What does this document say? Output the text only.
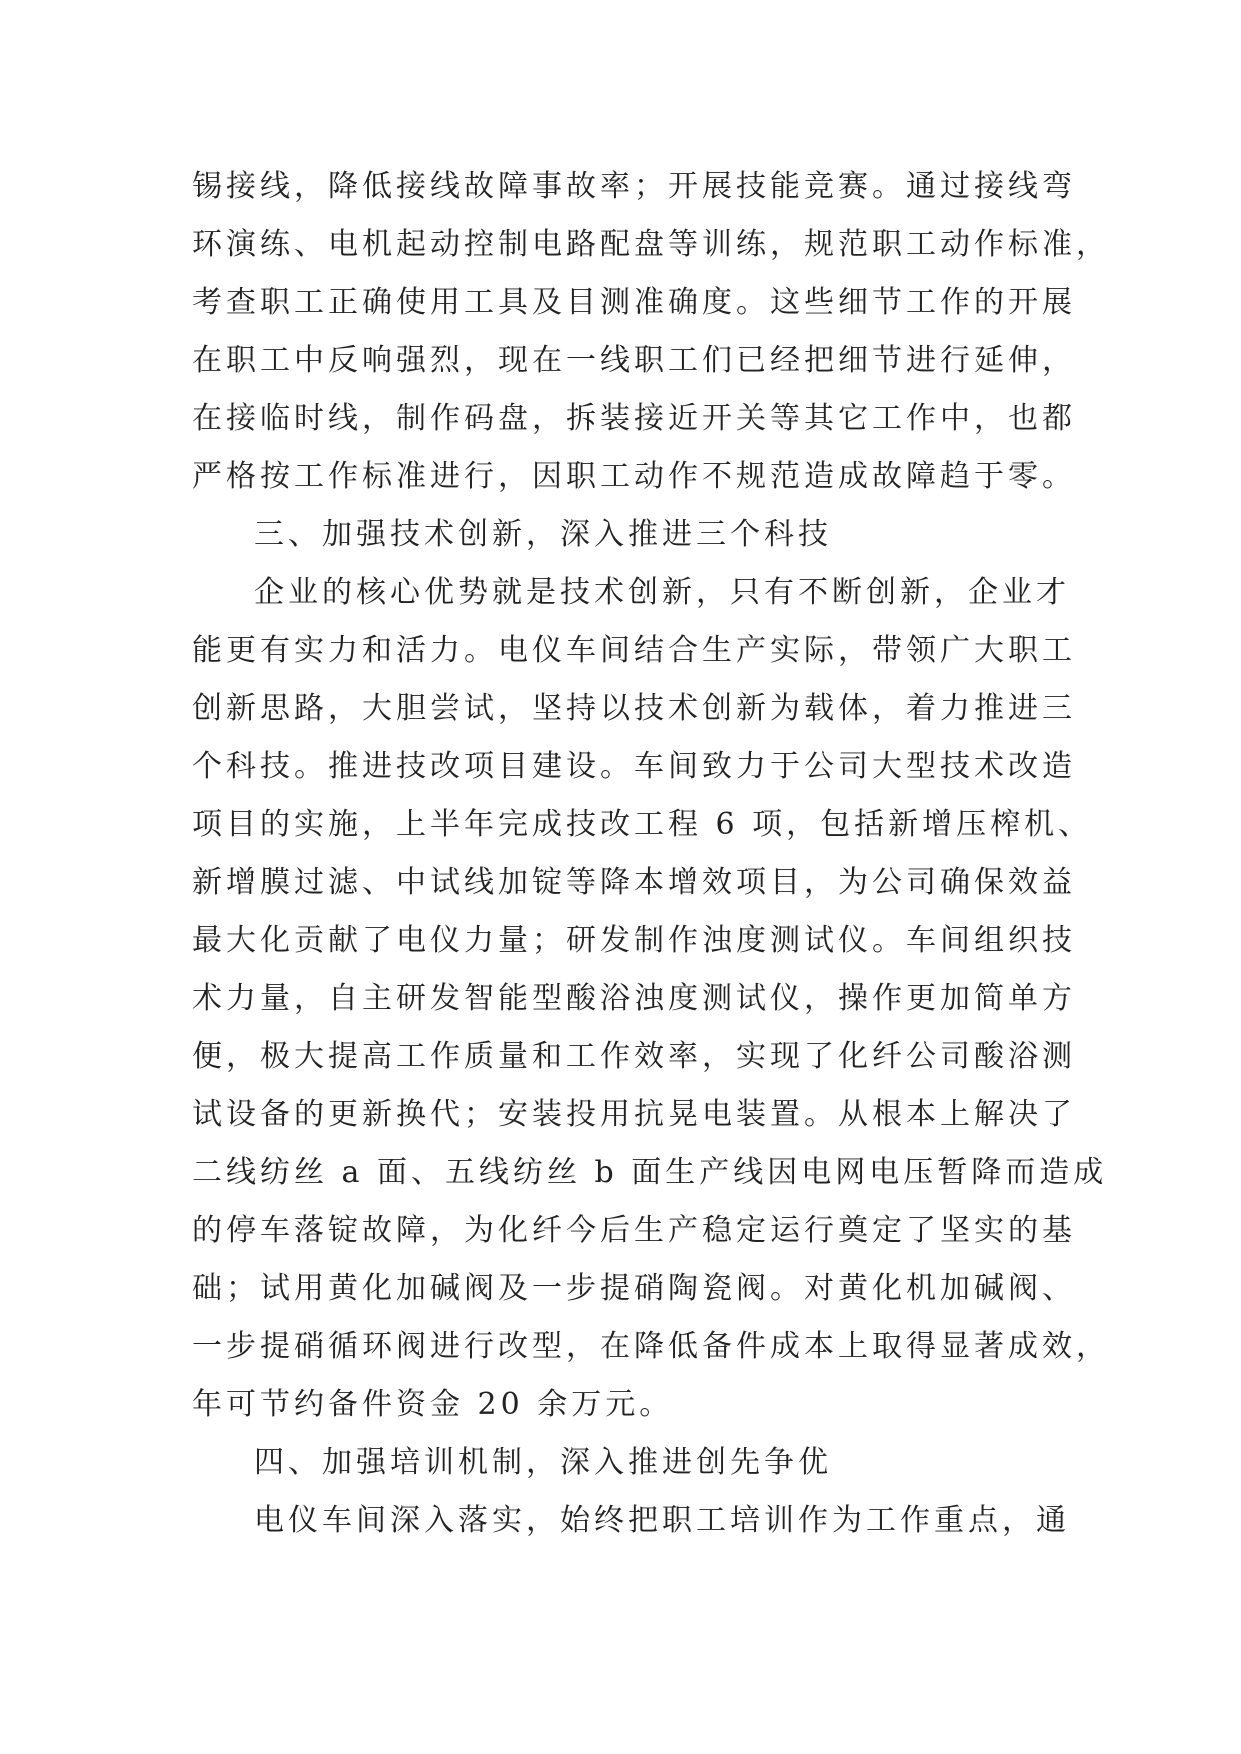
锡接线，降低接线故障事故率；开展技能竞赛。通过接线弯
环演练、电机起动控制电路配盘等训练，规范职工动作标准，
考查职工正确使用工具及目测准确度。这些细节工作的开展
在职工中反响强烈，现在一线职工们已经把细节进行延伸，
在接临时线，制作码盘，拆装接近开关等其它工作中，也都
严格按工作标准进行，因职工动作不规范造成故障趋于零。
三、加强技术创新，深入推进三个科技
企业的核心优势就是技术创新，只有不断创新，企业才
能更有实力和活力。电仪车间结合生产实际，带领广大职工
创新思路，大胆尝试，坚持以技术创新为载体，着力推进三
个科技。推进技改项目建设。车间致力于公司大型技术改造
项目的实施，上半年完成技改工程 6 项，包括新增压榨机、
新增膜过滤、中试线加锭等降本增效项目，为公司确保效益
最大化贡献了电仪力量；研发制作浊度测试仪。车间组织技
术力量，自主研发智能型酸浴浊度测试仪，操作更加简单方
便，极大提高工作质量和工作效率，实现了化纤公司酸浴测
试设备的更新换代；安装投用抗晃电装置。从根本上解决了
二线纺丝 a 面、五线纺丝 b 面生产线因电网电压暂降而造成
的停车落锭故障，为化纤今后生产稳定运行奠定了坚实的基
础；试用黄化加碱阀及一步提硝陶瓷阀。对黄化机加碱阀、
一步提硝循环阀进行改型，在降低备件成本上取得显著成效，
年可节约备件资金 20 余万元。
四、加强培训机制，深入推进创先争优
电仪车间深入落实，始终把职工培训作为工作重点，通
